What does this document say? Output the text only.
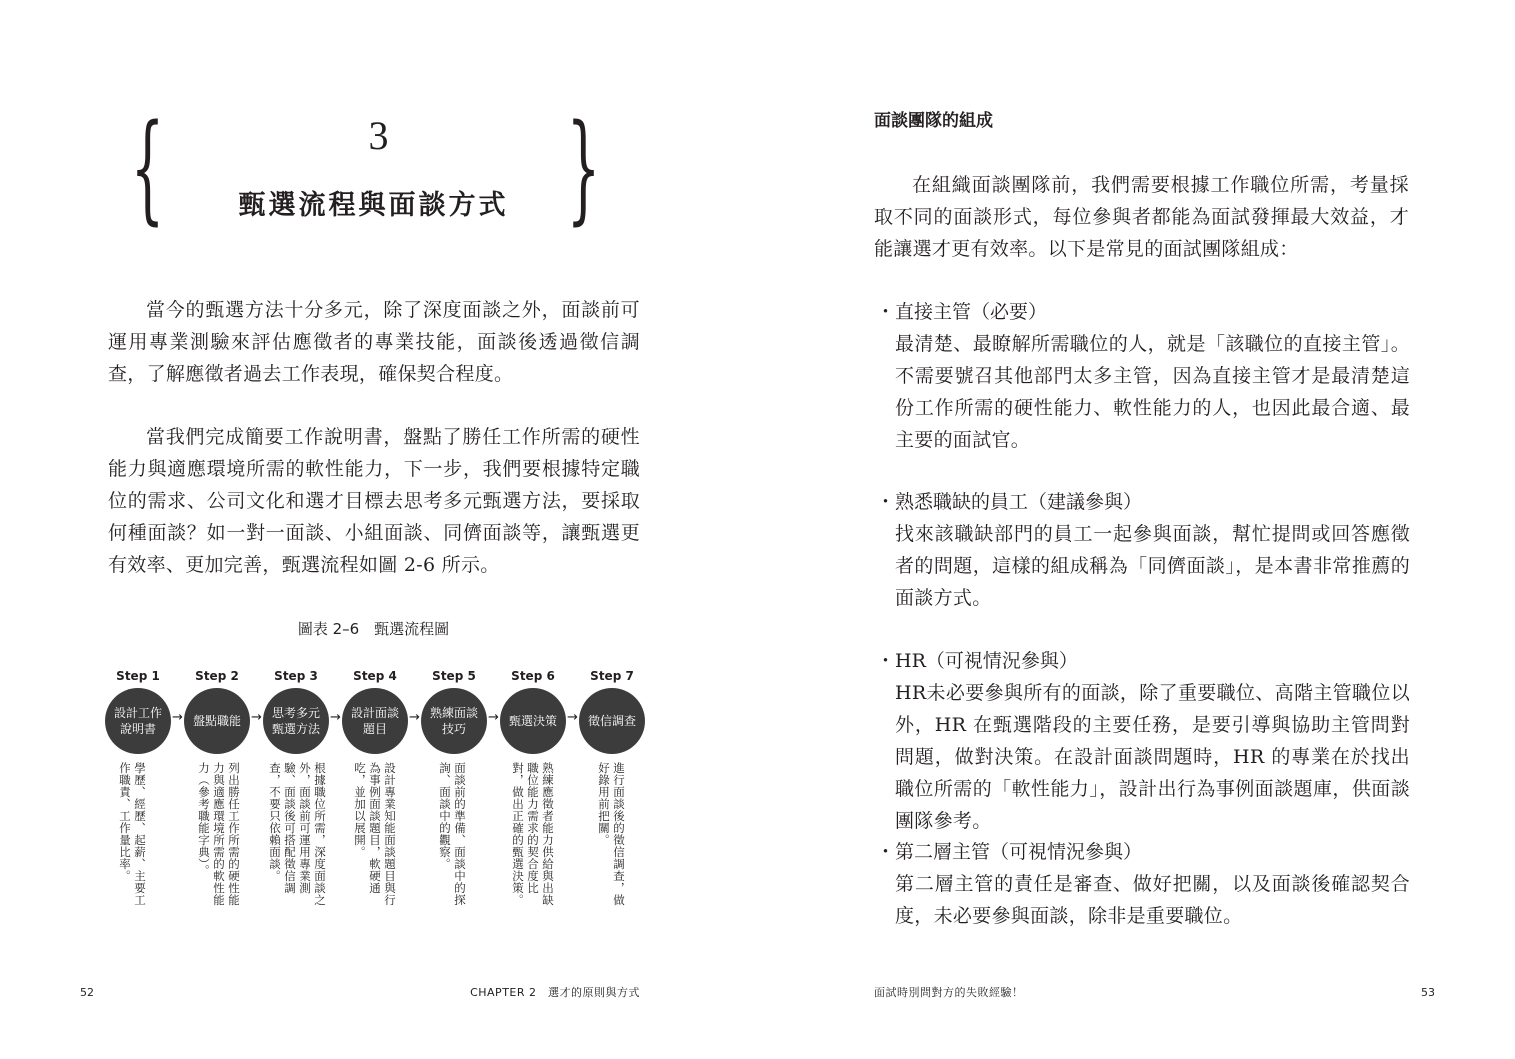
{	}
3
甄選流程與面談方式

當今的甄選方法十分多元，除了深度面談之外，面談前可運用專業測驗來評估應徵者的專業技能，面談後透過徵信調查，了解應徵者過去工作表現，確保契合程度。

當我們完成簡要工作說明書，盤點了勝任工作所需的硬性能力與適應環境所需的軟性能力，下一步，我們要根據特定職位的需求、公司文化和選才目標去思考多元甄選方法，要採取何種面談？如一對一面談、小組面談、同儕面談等，讓甄選更有效率、更加完善，甄選流程如圖 2-6 所示。

圖表 2–6　甄選流程圖
Step 1
設計工作
說明書
→
Step 2
盤點職能 →
Step 3
思考多元
甄選方法
→
Step 4
設計面談
題目
→
Step 5
熟練面談
技巧
→
Step 6
甄選決策 →
Step 7
徵信調查
學歷、經歷、起薪、主要工作職責、工作量比率。	列出勝任工作所需的硬性能力與適應環境所需的軟性能力（參考職能字典）。	根據職位所需，深度面談之外，面談前可運用專業測驗、面談後可搭配徵信調查，不要只依賴面談。	設計專業知能面談題目與行為事例面談題目，軟硬通吃，並加以展開。	面談前的準備、面談中的探詢、面談中的觀察。	熟練應徵者能力供給與出缺職位能力需求的契合度比對，做出正確的甄選決策。	進行面談後的徵信調查，做好錄用前把關。
52	CHAPTER 2　選才的原則與方式
面談團隊的組成

在組織面談團隊前，我們需要根據工作職位所需，考量採取不同的面談形式，每位參與者都能為面試發揮最大效益，才能讓選才更有效率。以下是常見的面試團隊組成：

・直接主管（必要）

最清楚、最瞭解所需職位的人，就是「該職位的直接主管」。不需要號召其他部門太多主管，因為直接主管才是最清楚這份工作所需的硬性能力、軟性能力的人，也因此最合適、最主要的面試官。

・熟悉職缺的員工（建議參與）

找來該職缺部門的員工一起參與面談，幫忙提問或回答應徵者的問題，這樣的組成稱為「同儕面談」，是本書非常推薦的面談方式。

・HR（可視情況參與）

HR未必要參與所有的面談，除了重要職位、高階主管職位以外，HR 在甄選階段的主要任務，是要引導與協助主管問對問題，做對決策。在設計面談問題時，HR 的專業在於找出職位所需的「軟性能力」，設計出行為事例面談題庫，供面談團隊參考。

・第二層主管（可視情況參與）

第二層主管的責任是審查、做好把關，以及面談後確認契合度，未必要參與面談，除非是重要職位。

面試時別問對方的失敗經驗！	53
